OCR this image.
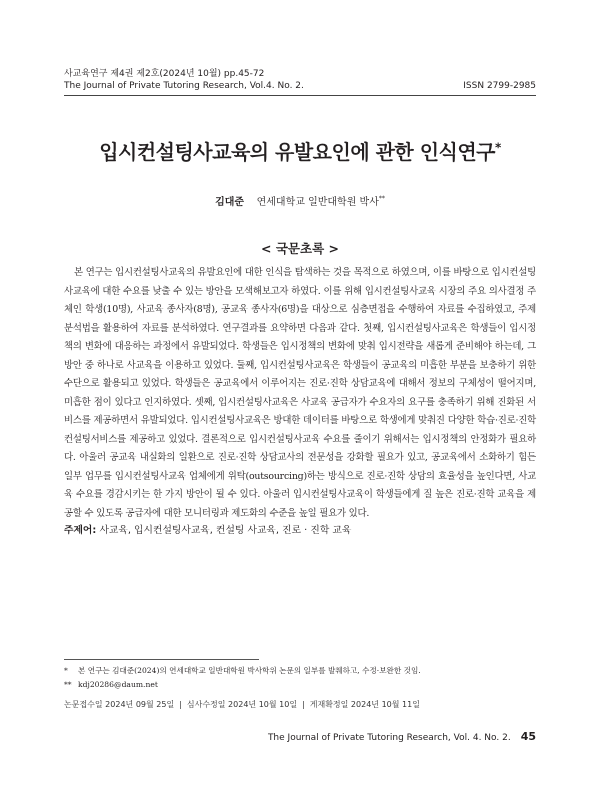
사교육연구 제4권 제2호(2024년 10월) pp.45-72
The Journal of Private Tutoring Research, Vol.4. No. 2.	ISSN 2799-2985
입시컨설팅사교육의 유발요인에 관한 인식연구*
김대준 연세대학교 일반대학원 박사**
< 국문초록 >

본 연구는 입시컨설팅사교육의 유발요인에 대한 인식을 탐색하는 것을 목적으로 하였으며, 이를 바탕으로 입시컨설팅 사교육에 대한 수요를 낮출 수 있는 방안을 모색해보고자 하였다. 이를 위해 입시컨설팅사교육 시장의 주요 의사결정 주체인 학생(10명), 사교육 종사자(8명), 공교육 종사자(6명)을 대상으로 심층면접을 수행하여 자료를 수집하였고, 주제분석법을 활용하여 자료를 분석하였다. 연구결과를 요약하면 다음과 같다. 첫째, 입시컨설팅사교육은 학생들이 입시정책의 변화에 대응하는 과정에서 유발되었다. 학생들은 입시정책의 변화에 맞춰 입시전략을 새롭게 준비해야 하는데, 그 방안 중 하나로 사교육을 이용하고 있었다. 둘째, 입시컨설팅사교육은 학생들이 공교육의 미흡한 부분을 보충하기 위한 수단으로 활용되고 있었다. 학생들은 공교육에서 이루어지는 진로·진학 상담교육에 대해서 정보의 구체성이 떨어지며, 미흡한 점이 있다고 인지하였다. 셋째, 입시컨설팅사교육은 사교육 공급자가 수요자의 요구를 충족하기 위해 진화된 서비스를 제공하면서 유발되었다. 입시컨설팅사교육은 방대한 데이터를 바탕으로 학생에게 맞춰진 다양한 학습·진로·진학 컨설팅서비스를 제공하고 있었다. 결론적으로 입시컨설팅사교육 수요를 줄이기 위해서는 입시정책의 안정화가 필요하다. 아울러 공교육 내실화의 일환으로 진로·진학 상담교사의 전문성을 강화할 필요가 있고, 공교육에서 소화하기 힘든 일부 업무를 입시컨설팅사교육 업체에게 위탁(outsourcing)하는 방식으로 진로·진학 상담의 효율성을 높인다면, 사교육 수요를 경감시키는 한 가지 방안이 될 수 있다. 아울러 입시컨설팅사교육이 학생들에게 질 높은 진로·진학 교육을 제공할 수 있도록 공급자에 대한 모니터링과 제도화의 수준을 높일 필요가 있다.

주제어: 사교육, 입시컨설팅사교육, 컨설팅 사교육, 진로 · 진학 교육
* 본 연구는 김대준(2024)의 연세대학교 일반대학원 박사학위 논문의 일부를 발췌하고, 수정·보완한 것임.
** kdj20286@daum.net
논문접수일 2024년 09월 25일 | 심사수정일 2024년 10월 10일 | 게재확정일 2024년 10월 11일
The Journal of Private Tutoring Research, Vol. 4. No. 2. 45
